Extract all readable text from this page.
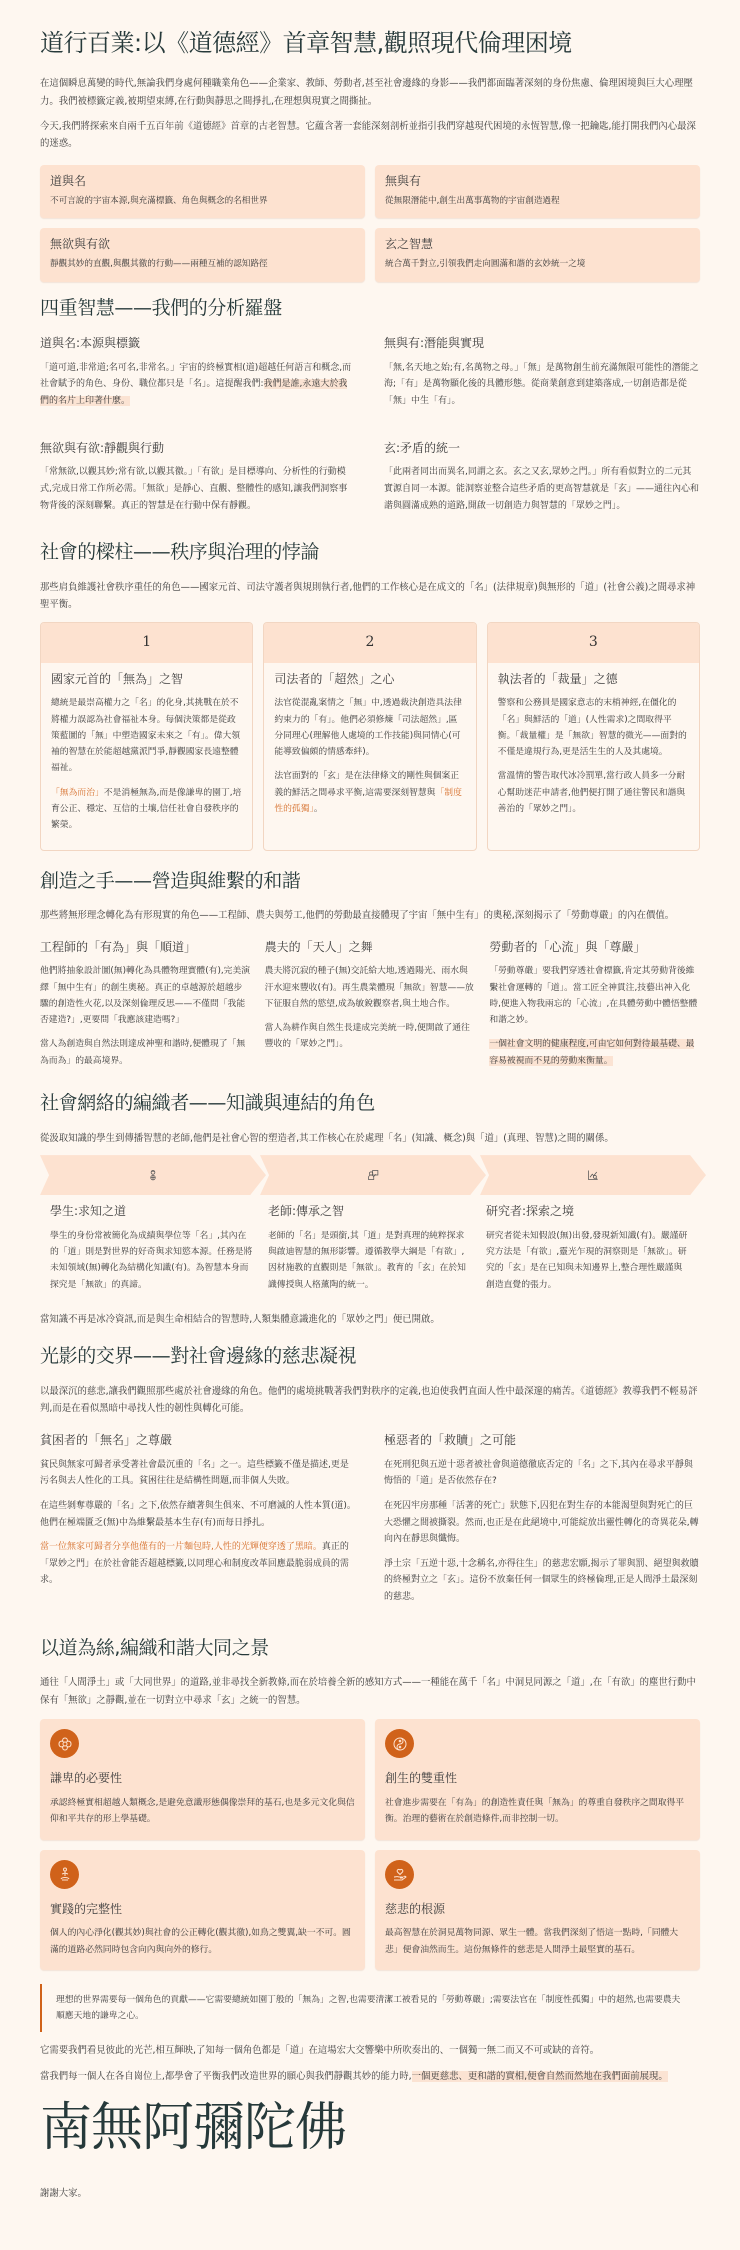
道行百業:以《道德經》首章智慧,觀照現代倫理困境

在這個瞬息萬變的時代,無論我們身處何種職業角色——企業家、教師、勞動者,甚至社會邊緣的身影——我們都面臨著深刻的身份焦慮、倫理困境與巨大心理壓力。我們被標籤定義,被期望束縛,在行動與靜思之間掙扎,在理想與現實之間撕扯。

今天,我們將探索來自兩千五百年前《道德經》首章的古老智慧。它蘊含著一套能深刻剖析並指引我們穿越現代困境的永恆智慧,像一把鑰匙,能打開我們內心最深的迷惑。

道與名

不可言說的宇宙本源,與充滿標籤、角色與概念的名相世界

無與有

從無限潛能中,創生出萬事萬物的宇宙創造過程

無欲與有欲

靜觀其妙的直觀,與觀其徼的行動——兩種互補的認知路徑

玄之智慧

統合萬千對立,引領我們走向圓滿和諧的玄妙統一之境

四重智慧——我們的分析羅盤
道與名:本源與標籤

「道可道,非常道;名可名,非常名。」宇宙的終極實相(道)超越任何語言和概念,而社會賦予的角色、身份、職位都只是「名」。這提醒我們:我們是誰,永遠大於我們的名片上印著什麼。

無與有:潛能與實現

「無,名天地之始;有,名萬物之母。」「無」是萬物創生前充滿無限可能性的潛能之海;「有」是萬物顯化後的具體形態。從商業創意到建築落成,一切創造都是從「無」中生「有」。

無欲與有欲:靜觀與行動

「常無欲,以觀其妙;常有欲,以觀其徼。」「有欲」是目標導向、分析性的行動模式,完成日常工作所必需。「無欲」是靜心、直觀、整體性的感知,讓我們洞察事物背後的深刻聯繫。真正的智慧是在行動中保有靜觀。

玄:矛盾的統一

「此兩者同出而異名,同謂之玄。玄之又玄,眾妙之門。」所有看似對立的二元其實源自同一本源。能洞察並整合這些矛盾的更高智慧就是「玄」——通往內心和諧與圓滿成熟的道路,開啟一切創造力與智慧的「眾妙之門」。

社會的樑柱——秩序與治理的悖論

那些肩負維護社會秩序重任的角色——國家元首、司法守護者與規則執行者,他們的工作核心是在成文的「名」(法律規章)與無形的「道」(社會公義)之間尋求神聖平衡。

1
國家元首的「無為」之智

總統是最崇高權力之「名」的化身,其挑戰在於不將權力誤認為社會福祉本身。每個決策都是從政策藍圖的「無」中塑造國家未來之「有」。偉大領袖的智慧在於能超越黨派鬥爭,靜觀國家長遠整體福祉。

「無為而治」不是消極無為,而是像謙卑的園丁,培育公正、穩定、互信的土壤,信任社會自發秩序的繁榮。

2
司法者的「超然」之心

法官從混亂案情之「無」中,透過裁決創造具法律約束力的「有」。他們必須修煉「司法超然」,區分同理心(理解他人處境的工作技能)與同情心(可能導致偏頗的情感牽絆)。

法官面對的「玄」是在法律條文的剛性與個案正義的鮮活之間尋求平衡,這需要深刻智慧與「制度性的孤獨」。

3
執法者的「裁量」之德

警察和公務員是國家意志的末梢神經,在僵化的「名」與鮮活的「道」(人性需求)之間取得平衡。「裁量權」是「無欲」智慧的微光——面對的不僅是違規行為,更是活生生的人及其處境。

當溫情的警告取代冰冷罰單,當行政人員多一分耐心幫助迷茫申請者,他們便打開了通往警民和諧與善治的「眾妙之門」。

創造之手——營造與維繫的和諧

那些將無形理念轉化為有形現實的角色——工程師、農夫與勞工,他們的勞動最直接體現了宇宙「無中生有」的奧秘,深刻揭示了「勞動尊嚴」的內在價值。

工程師的「有為」與「順道」

他們將抽象設計圖(無)轉化為具體物理實體(有),完美演繹「無中生有」的創生奧秘。真正的卓越源於超越步驟的創造性火花,以及深刻倫理反思——不僅問「我能否建造?」,更要問「我應該建造嗎?」

當人為創造與自然法則達成神聖和諧時,便體現了「無為而為」的最高境界。

農夫的「天人」之舞

農夫將沉寂的種子(無)交託給大地,透過陽光、雨水與汗水迎來豐收(有)。再生農業體現「無欲」智慧——放下征服自然的慾望,成為敏銳觀察者,與土地合作。

當人為耕作與自然生長達成完美統一時,便開啟了通往豐收的「眾妙之門」。

勞動者的「心流」與「尊嚴」

「勞動尊嚴」要我們穿透社會標籤,肯定其勞動背後維繫社會運轉的「道」。當工匠全神貫注,技藝出神入化時,便進入物我兩忘的「心流」,在具體勞動中體悟整體和諧之妙。

一個社會文明的健康程度,可由它如何對待最基礎、最容易被視而不見的勞動來衡量。

社會網絡的編織者——知識與連結的角色

從汲取知識的學生到傳播智慧的老師,他們是社會心智的塑造者,其工作核心在於處理「名」(知識、概念)與「道」(真理、智慧)之間的關係。

學生:求知之道

學生的身份常被簡化為成績與學位等「名」,其內在的「道」則是對世界的好奇與求知慾本源。任務是將未知領域(無)轉化為結構化知識(有)。為智慧本身而探究是「無欲」的真諦。

老師:傳承之智

老師的「名」是頭銜,其「道」是對真理的純粹探求與啟迪智慧的無形影響。遵循教學大綱是「有欲」,因材施教的直觀則是「無欲」。教育的「玄」在於知識傳授與人格薰陶的統一。

研究者:探索之境

研究者從未知假設(無)出發,發現新知識(有)。嚴謹研究方法是「有欲」,靈光乍現的洞察則是「無欲」。研究的「玄」是在已知與未知邊界上,整合理性嚴謹與創造直覺的張力。

當知識不再是冰冷資訊,而是與生命相結合的智慧時,人類集體意識進化的「眾妙之門」便已開啟。

光影的交界——對社會邊緣的慈悲凝視

以最深沉的慈悲,讓我們觀照那些處於社會邊緣的角色。他們的處境挑戰著我們對秩序的定義,也迫使我們直面人性中最深邃的痛苦。《道德經》教導我們不輕易評判,而是在看似黑暗中尋找人性的韌性與轉化可能。

貧困者的「無名」之尊嚴

貧民與無家可歸者承受著社會最沉重的「名」之一。這些標籤不僅是描述,更是污名與去人性化的工具。貧困往往是結構性問題,而非個人失敗。

在這些剝奪尊嚴的「名」之下,依然存續著與生俱來、不可磨滅的人性本質(道)。他們在極端匱乏(無)中為維繫最基本生存(有)而每日掙扎。

當一位無家可歸者分享他僅有的一片麵包時,人性的光輝便穿透了黑暗。真正的「眾妙之門」在於社會能否超越標籤,以同理心和制度改革回應最脆弱成員的需求。

極惡者的「救贖」之可能

在死刑犯與五逆十惡者被社會與道德徹底否定的「名」之下,其內在尋求平靜與悔悟的「道」是否依然存在?

在死囚牢房那種「活著的死亡」狀態下,囚犯在對生存的本能渴望與對死亡的巨大恐懼之間被撕裂。然而,也正是在此絕境中,可能綻放出靈性轉化的奇異花朵,轉向內在靜思與懺悔。

淨土宗「五逆十惡,十念稱名,亦得往生」的慈悲宏願,揭示了罪與罰、絕望與救贖的終極對立之「玄」。這份不放棄任何一個眾生的終極倫理,正是人間淨土最深刻的慈悲。

以道為絲,編織和諧大同之景

通往「人間淨土」或「大同世界」的道路,並非尋找全新教條,而在於培養全新的感知方式——一種能在萬千「名」中洞見同源之「道」,在「有欲」的塵世行動中保有「無欲」之靜觀,並在一切對立中尋求「玄」之統一的智慧。

謙卑的必要性

承認終極實相超越人類概念,是避免意識形態偶像崇拜的基石,也是多元文化與信仰和平共存的形上學基礎。

創生的雙重性

社會進步需要在「有為」的創造性責任與「無為」的尊重自發秩序之間取得平衡。治理的藝術在於創造條件,而非控制一切。

實踐的完整性

個人的內心淨化(觀其妙)與社會的公正轉化(觀其徼),如鳥之雙翼,缺一不可。圓滿的道路必然同時包含向內與向外的修行。

慈悲的根源

最高智慧在於洞見萬物同源、眾生一體。當我們深刻了悟這一點時,「同體大悲」便會油然而生。這份無條件的慈悲是人間淨土最堅實的基石。

理想的世界需要每一個角色的貢獻——它需要總統如園丁般的「無為」之智,也需要清潔工被看見的「勞動尊嚴」;需要法官在「制度性孤獨」中的超然,也需要農夫順應天地的謙卑之心。

它需要我們看見彼此的光芒,相互輝映,了知每一個角色都是「道」在這場宏大交響樂中所吹奏出的、一個獨一無二而又不可或缺的音符。

當我們每一個人在各自崗位上,都學會了平衡我們改造世界的願心與我們靜觀其妙的能力時,一個更慈悲、更和諧的實相,便會自然而然地在我們面前展現。

南無阿彌陀佛

謝謝大家。
